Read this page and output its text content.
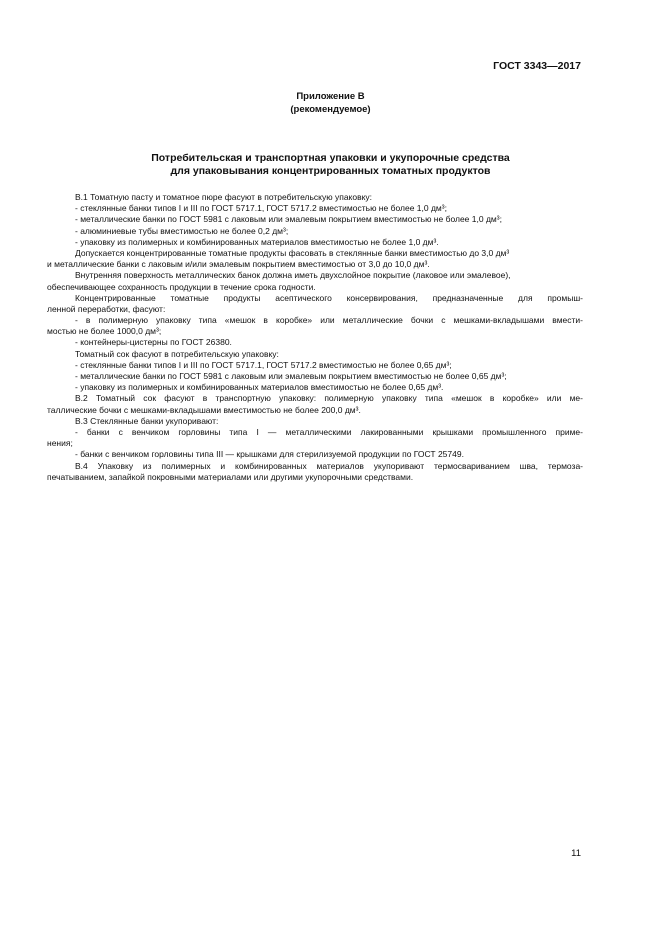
ГОСТ 3343—2017
Приложение В
(рекомендуемое)
Потребительская и транспортная упаковки и укупорочные средства
для упаковывания концентрированных томатных продуктов
В.1 Томатную пасту и томатное пюре фасуют в потребительскую упаковку:
- стеклянные банки типов I и III по ГОСТ 5717.1, ГОСТ 5717.2 вместимостью не более 1,0 дм³;
- металлические банки по ГОСТ 5981 с лаковым или эмалевым покрытием вместимостью не более 1,0 дм³;
- алюминиевые тубы вместимостью не более 0,2 дм³;
- упаковку из полимерных и комбинированных материалов вместимостью не более 1,0 дм³.
Допускается концентрированные томатные продукты фасовать в стеклянные банки вместимостью до 3,0 дм³
и металлические банки с лаковым и/или эмалевым покрытием вместимостью от 3,0 до 10,0 дм³.
Внутренняя поверхность металлических банок должна иметь двухслойное покрытие (лаковое или эмалевое),
обеспечивающее сохранность продукции в течение срока годности.
Концентрированные томатные продукты асептического консервирования, предназначенные для промыш-
ленной переработки, фасуют:
- в полимерную упаковку типа «мешок в коробке» или металлические бочки с мешками-вкладышами вмести-
мостью не более 1000,0 дм³;
- контейнеры-цистерны по ГОСТ 26380.
Томатный сок фасуют в потребительскую упаковку:
- стеклянные банки типов I и III по ГОСТ 5717.1, ГОСТ 5717.2 вместимостью не более 0,65 дм³;
- металлические банки по ГОСТ 5981 с лаковым или эмалевым покрытием вместимостью не более 0,65 дм³;
- упаковку из полимерных и комбинированных материалов вместимостью не более 0,65 дм³.
В.2 Томатный сок фасуют в транспортную упаковку: полимерную упаковку типа «мешок в коробке» или ме-
таллические бочки с мешками-вкладышами вместимостью не более 200,0 дм³.
В.3 Стеклянные банки укупоривают:
- банки с венчиком горловины типа I — металлическими лакированными крышками промышленного приме-
нения;
- банки с венчиком горловины типа III — крышками для стерилизуемой продукции по ГОСТ 25749.
В.4 Упаковку из полимерных и комбинированных материалов укупоривают термосвариванием шва, термоза-
печатыванием, запайкой покровными материалами или другими укупорочными средствами.
11
